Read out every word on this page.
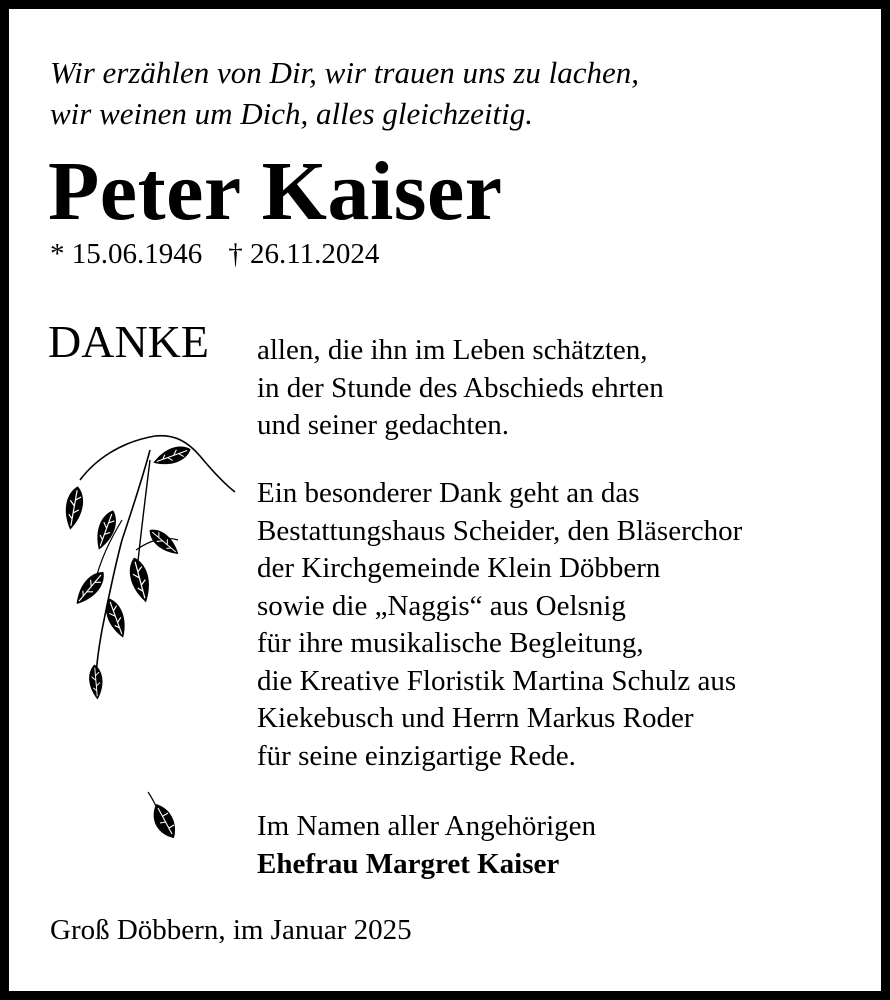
Wir erzählen von Dir, wir trauen uns zu lachen,
wir weinen um Dich, alles gleichzeitig.
Peter Kaiser
* 15.06.1946 † 26.11.2024
DANKE allen, die ihn im Leben schätzten,
in der Stunde des Abschieds ehrten
und seiner gedachten.
Ein besonderer Dank geht an das
Bestattungshaus Scheider, den Bläserchor
der Kirchgemeinde Klein Döbbern
sowie die „Naggis“ aus Oelsnig
für ihre musikalische Begleitung,
die Kreative Floristik Martina Schulz aus
Kiekebusch und Herrn Markus Roder
für seine einzigartige Rede.
Im Namen aller Angehörigen
Ehefrau Margret Kaiser
Groß Döbbern, im Januar 2025
